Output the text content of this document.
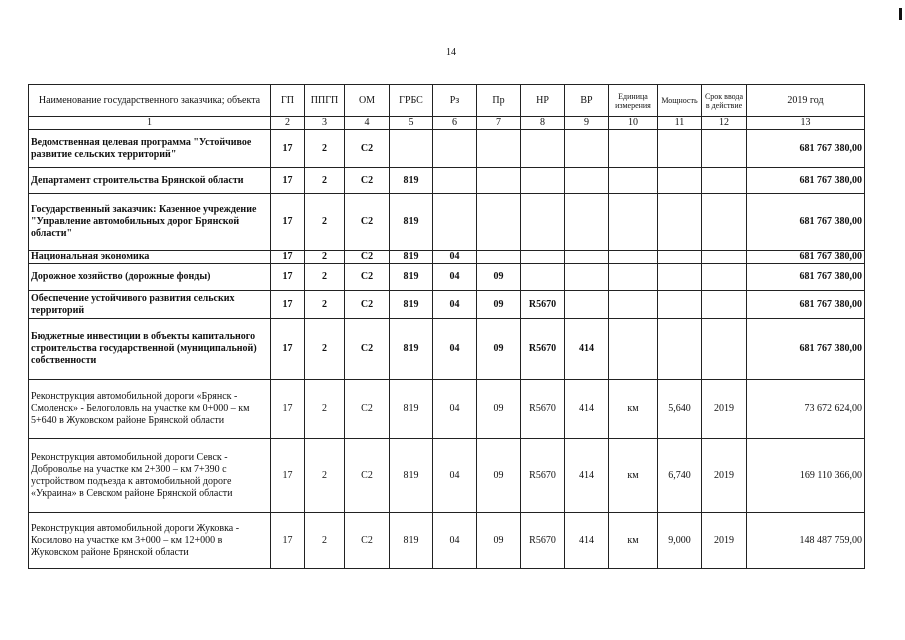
14
Наименование государственного заказчика; объекта	ГП	ППГП	ОМ	ГРБС	Рз	Пр	НР	ВР	Единица измерения	Мощность	Срок ввода в действие	2019 год
1	2	3	4	5	6	7	8	9	10	11	12	13
Ведомственная целевая программа "Устойчивое развитие сельских территорий"	17	2	С2									681 767 380,00
Департамент строительства Брянской области	17	2	С2	819								681 767 380,00
Государственный заказчик: Казенное учреждение "Управление автомобильных дорог Брянской области"	17	2	С2	819								681 767 380,00
Национальная экономика	17	2	С2	819	04							681 767 380,00
Дорожное хозяйство (дорожные фонды)	17	2	С2	819	04	09						681 767 380,00
Обеспечение устойчивого развития сельских территорий	17	2	С2	819	04	09	R5670					681 767 380,00
Бюджетные инвестиции в объекты капитального строительства государственной (муниципальной) собственности	17	2	С2	819	04	09	R5670	414				681 767 380,00
Реконструкция автомобильной дороги «Брянск - Смоленск» - Белоголовль на участке км 0+000 – км 5+640 в Жуковском районе Брянской области	17	2	С2	819	04	09	R5670	414	км	5,640	2019	73 672 624,00
Реконструкция автомобильной дороги Севск - Добровольe на участке км 2+300 – км 7+390 с устройством подъезда к автомобильной дороге «Украина» в Севском районе Брянской области	17	2	С2	819	04	09	R5670	414	км	6,740	2019	169 110 366,00
Реконструкция автомобильной дороги Жуковка - Косилово на участке км 3+000 – км 12+000 в Жуковском районе Брянской области	17	2	С2	819	04	09	R5670	414	км	9,000	2019	148 487 759,00
